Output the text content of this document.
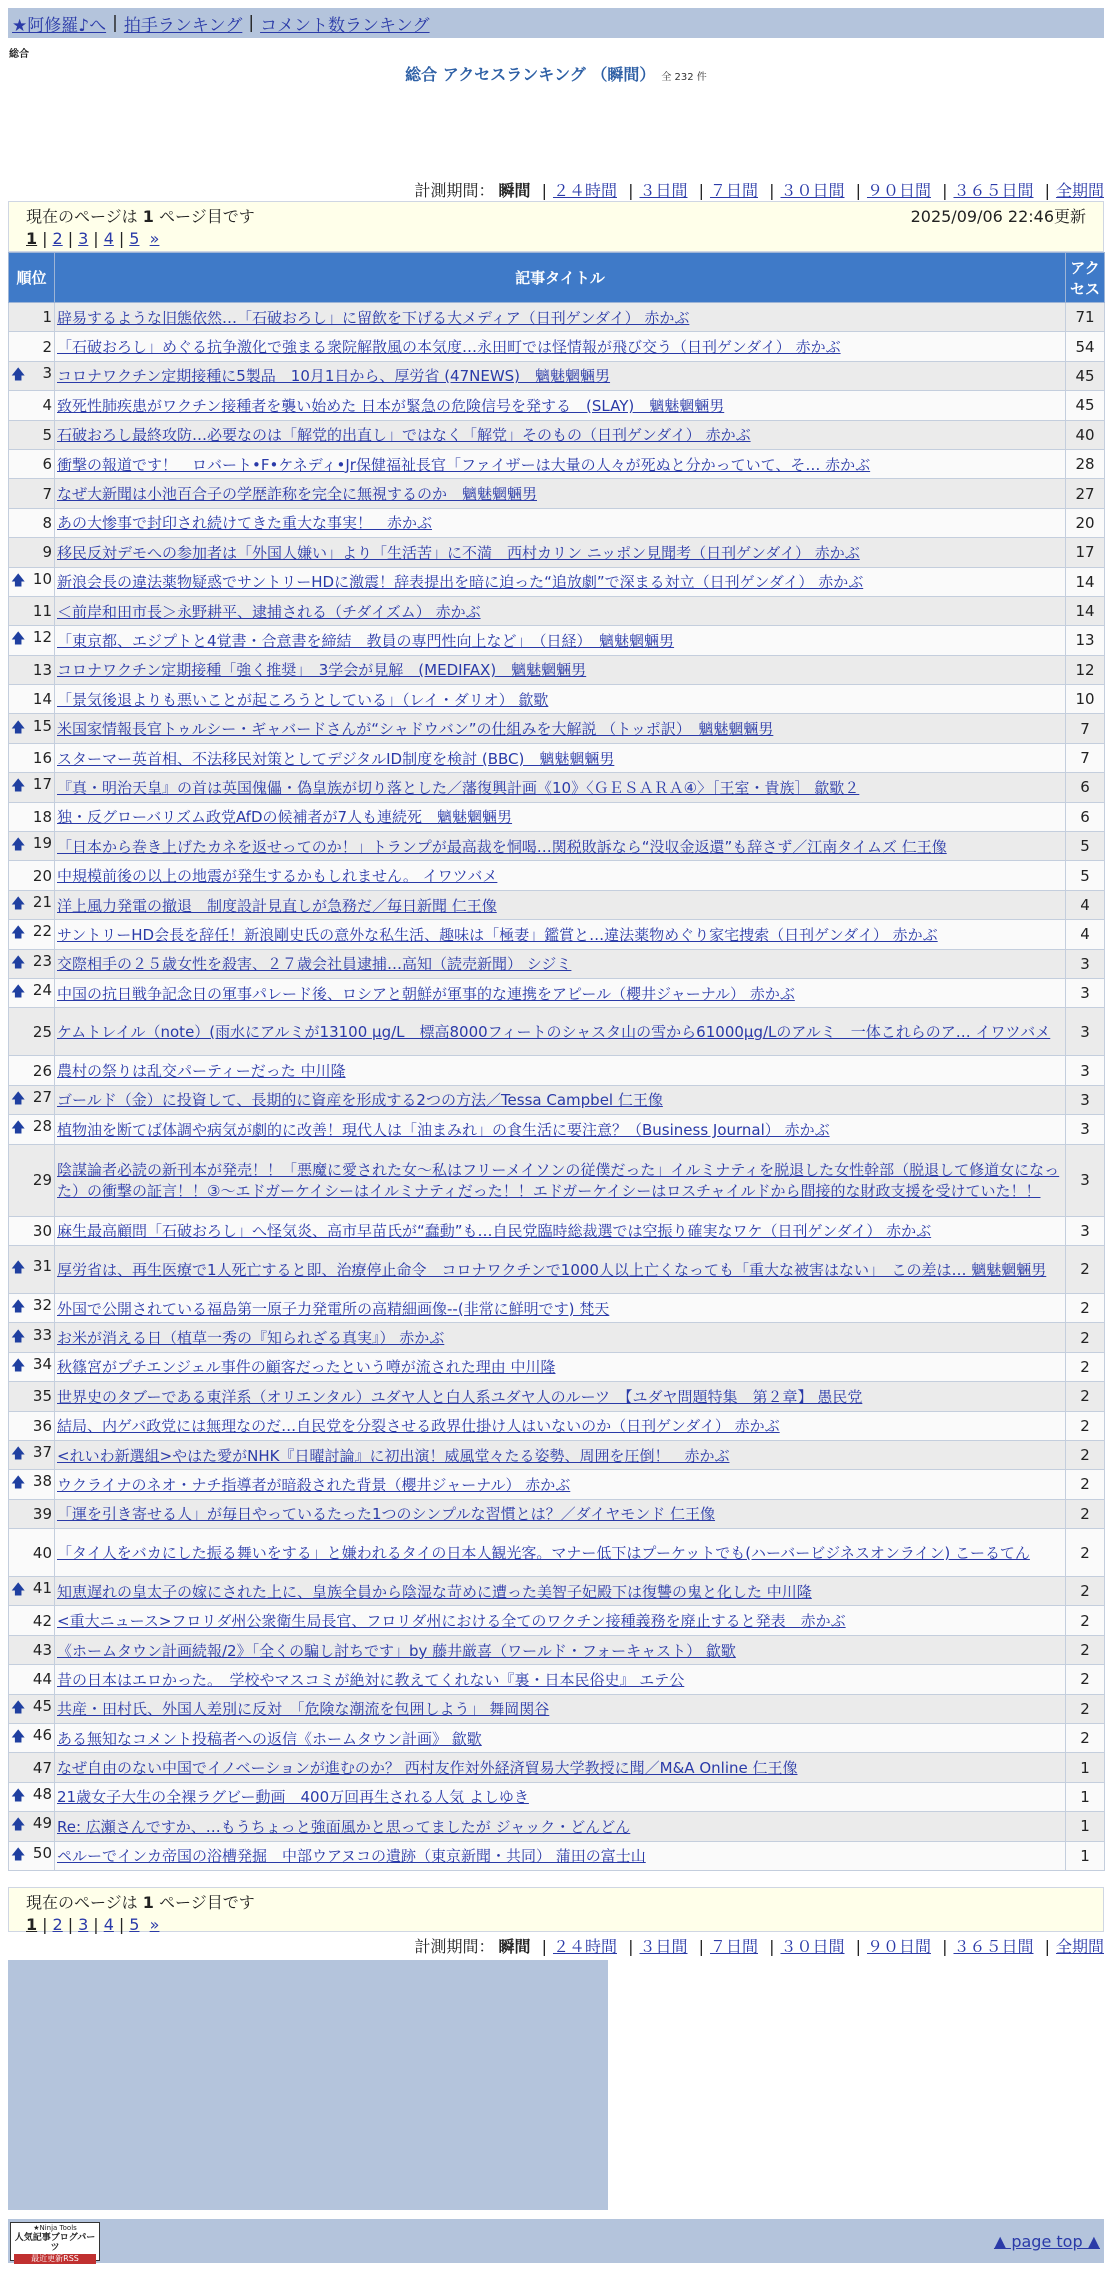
★阿修羅♪へ | 拍手ランキング | コメント数ランキング
総合
総合 アクセスランキング （瞬間） 全 232 件
計測期間： 瞬間 | ２４時間 | ３日間 | ７日間 | ３０日間 | ９０日間 | ３６５日間 | 全期間
現在のページは 1 ページ目です	2025/09/06 22:46更新
1 | 2 | 3 | 4 | 5 »
順位	記事タイトル	アクセス
1	辟易するような旧態依然…「石破おろし」に留飲を下げる大メディア（日刊ゲンダイ） 赤かぶ	71
2	「石破おろし」めぐる抗争激化で強まる衆院解散風の本気度…永田町では怪情報が飛び交う（日刊ゲンダイ） 赤かぶ	54

🡅 3	コロナワクチン定期接種に5製品　10月1日から、厚労省 (47NEWS)　魑魅魍魎男	45
4	致死性肺疾患がワクチン接種者を襲い始めた 日本が緊急の危険信号を発する　(SLAY)　魑魅魍魎男	45
5	石破おろし最終攻防…必要なのは「解党的出直し」ではなく「解党」そのもの（日刊ゲンダイ） 赤かぶ	40
6	衝撃の報道です！　ロバート•F•ケネディ•Jr保健福祉長官「ファイザーは大量の人々が死ぬと分かっていて、そ… 赤かぶ	28
7	なぜ大新聞は小池百合子の学歴詐称を完全に無視するのか　魑魅魍魎男	27
8	あの大惨事で封印され続けてきた重大な事実！　赤かぶ	20
9	移民反対デモへの参加者は「外国人嫌い」より「生活苦」に不満　西村カリン ニッポン見聞考（日刊ゲンダイ） 赤かぶ	17

🡅 10	新浪会長の違法薬物疑惑でサントリーHDに激震！辞表提出を暗に迫った“追放劇”で深まる対立（日刊ゲンダイ） 赤かぶ	14
11	＜前岸和田市長＞永野耕平、逮捕される（チダイズム） 赤かぶ	14

🡅 12	「東京都、エジプトと4覚書・合意書を締結　教員の専門性向上など」　（日経）　魑魅魍魎男	13
13	コロナワクチン定期接種「強く推奨」　3学会が見解　(MEDIFAX)　魑魅魍魎男	12
14	「景気後退よりも悪いことが起ころうとしている」（レイ・ダリオ） 歙歜	10

🡅 15	米国家情報長官トゥルシー・ギャバードさんが“シャドウバン”の仕組みを大解説 （トッポ訳）　魑魅魍魎男	7
16	スターマー英首相、不法移民対策としてデジタルID制度を検討 (BBC)　魑魅魍魎男	7

🡅 17	『真・明治天皇』の首は英国傀儡・偽皇族が切り落とした／藩復興計画《10》〈ＧＥＳＡＲＡ④〉［王室・貴族］ 歙歜２	6
18	独・反グローバリズム政党AfDの候補者が7人も連続死　魑魅魍魎男	6

🡅 19	「日本から巻き上げたカネを返せってのか！」トランプが最高裁を恫喝…関税敗訴なら“没収金返還”も辞さず／江南タイムズ 仁王像	5
20	中規模前後の以上の地震が発生するかもしれません。 イワツバメ	5

🡅 21	洋上風力発電の撤退　制度設計見直しが急務だ／毎日新聞 仁王像	4

🡅 22	サントリーHD会長を辞任！新浪剛史氏の意外な私生活、趣味は「極妻」鑑賞と…違法薬物めぐり家宅捜索（日刊ゲンダイ） 赤かぶ	4

🡅 23	交際相手の２５歳女性を殺害、２７歳会社員逮捕…高知（読売新聞） シジミ	3

🡅 24	中国の抗日戦争記念日の軍事パレード後、ロシアと朝鮮が軍事的な連携をアピール（櫻井ジャーナル） 赤かぶ	3
25	ケムトレイル（note）(雨水にアルミが13100 μg/L　標高8000フィートのシャスタ山の雪から61000μg/Lのアルミ　一体これらのア… イワツバメ	3
26	農村の祭りは乱交パーティーだった 中川隆	3

🡅 27	ゴールド（金）に投資して、長期的に資産を形成する2つの方法／Tessa Campbel 仁王像	3

🡅 28	植物油を断てば体調や病気が劇的に改善！現代人は「油まみれ」の食生活に要注意？（Business Journal） 赤かぶ	3
29	陰謀論者必読の新刊本が発売！！「悪魔に愛された女〜私はフリーメイソンの従僕だった」イルミナティを脱退した女性幹部（脱退して修道女になった）の衝撃の証言！！③〜エドガーケイシーはイルミナティだった！！エドガーケイシーはロスチャイルドから間接的な財政支援を受けていた！！	3
30	麻生最高顧問「石破おろし」へ怪気炎、高市早苗氏が“蠢動”も…自民党臨時総裁選では空振り確実なワケ（日刊ゲンダイ） 赤かぶ	3

🡅 31	厚労省は、再生医療で1人死亡すると即、治療停止命令　コロナワクチンで1000人以上亡くなっても「重大な被害はない」　この差は… 魑魅魍魎男	2

🡅 32	外国で公開されている福島第一原子力発電所の高精細画像--(非常に鮮明です) 梵天	2

🡅 33	お米が消える日（植草一秀の『知られざる真実』） 赤かぶ	2

🡅 34	秋篠宮がプチエンジェル事件の顧客だったという噂が流された理由 中川隆	2
35	世界史のタブーである東洋系（オリエンタル）ユダヤ人と白人系ユダヤ人のルーツ　【ユダヤ問題特集　第２章】 愚民党	2
36	結局、内ゲバ政党には無理なのだ…自民党を分裂させる政界仕掛け人はいないのか（日刊ゲンダイ） 赤かぶ	2

🡅 37	<れいわ新選組>やはた愛がNHK『日曜討論』に初出演！威風堂々たる姿勢、周囲を圧倒！　赤かぶ	2

🡅 38	ウクライナのネオ・ナチ指導者が暗殺された背景（櫻井ジャーナル） 赤かぶ	2
39	「運を引き寄せる人」が毎日やっているたった1つのシンプルな習慣とは？／ダイヤモンド 仁王像	2
40	「タイ人をバカにした振る舞いをする」と嫌われるタイの日本人観光客。マナー低下はプーケットでも(ハーバービジネスオンライン) こーるてん	2

🡅 41	知恵遅れの皇太子の嫁にされた上に、皇族全員から陰湿な苛めに遭った美智子妃殿下は復讐の鬼と化した 中川隆	2
42	<重大ニュース>フロリダ州公衆衛生局長官、フロリダ州における全てのワクチン接種義務を廃止すると発表　赤かぶ	2
43	《ホームタウン計画続報/2》「全くの騙し討ちです」by 藤井厳喜（ワールド・フォーキャスト） 歙歜	2
44	昔の日本はエロかった。　学校やマスコミが絶対に教えてくれない『裏・日本民俗史』 エテ公	2

🡅 45	共産・田村氏、外国人差別に反対　「危険な潮流を包囲しよう」 舞岡関谷	2

🡅 46	ある無知なコメント投稿者への返信《ホームタウン計画》 歙歜	2
47	なぜ自由のない中国でイノベーションが進むのか？ 西村友作対外経済貿易大学教授に聞／M&A Online 仁王像	1

🡅 48	21歳女子大生の全裸ラグビー動画　400万回再生される人気 よしゆき	1

🡅 49	Re: 広瀬さんですか、…もうちょっと強面風かと思ってましたが ジャック・どんどん	1

🡅 50	ペルーでインカ帝国の浴槽発掘　中部ウアヌコの遺跡（東京新聞・共同） 蒲田の富士山	1
現在のページは 1 ページ目です
1 | 2 | 3 | 4 | 5 »
計測期間： 瞬間 | ２４時間 | ３日間 | ７日間 | ３０日間 | ９０日間 | ３６５日間 | 全期間
★Ninja Tools
人気記事ブログパーツ
最近更新RSS
▲ page top ▲
